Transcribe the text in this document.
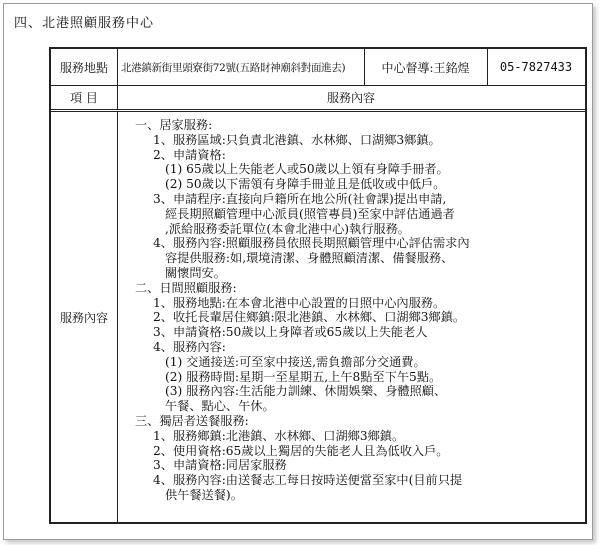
四、北港照顧服務中心
服務地點	北港鎮新街里頭寮街72號(五路財神廟斜對面進去)	中心督導:王銘煌	05-7827433
項 目	服務內容
服務內容
一、居家服務:
1、服務區域:只負責北港鎮、水林鄉、口湖鄉3鄉鎮。
2、申請資格:
(1) 65歲以上失能老人或50歲以上領有身障手冊者。
(2) 50歲以下需領有身障手冊並且是低收或中低戶。
3、申請程序:直接向戶籍所在地公所(社會課)提出申請,
經長期照顧管理中心派員(照管專員)至家中評估通過者
,派給服務委託單位(本會北港中心)執行服務。
4、服務內容:照顧服務員依照長期照顧管理中心評估需求內
容提供服務:如,環境清潔、身體照顧清潔、備餐服務、
關懷問安。
二、日間照顧服務:
1、服務地點:在本會北港中心設置的日照中心內服務。
2、收托長輩居住鄉鎮:限北港鎮、水林鄉、口湖鄉3鄉鎮。
3、申請資格:50歲以上身障者或65歲以上失能老人
4、服務內容:
(1) 交通接送:可至家中接送,需負擔部分交通費。
(2) 服務時間:星期一至星期五,上午8點至下午5點。
(3) 服務內容:生活能力訓練、休閒娛樂、身體照顧、
午餐、點心、午休。
三、獨居者送餐服務:
1、服務鄉鎮:北港鎮、水林鄉、口湖鄉3鄉鎮。
2、使用資格:65歲以上獨居的失能老人且為低收入戶。
3、申請資格:同居家服務
4、服務內容:由送餐志工每日按時送便當至家中(目前只提
供午餐送餐)。
